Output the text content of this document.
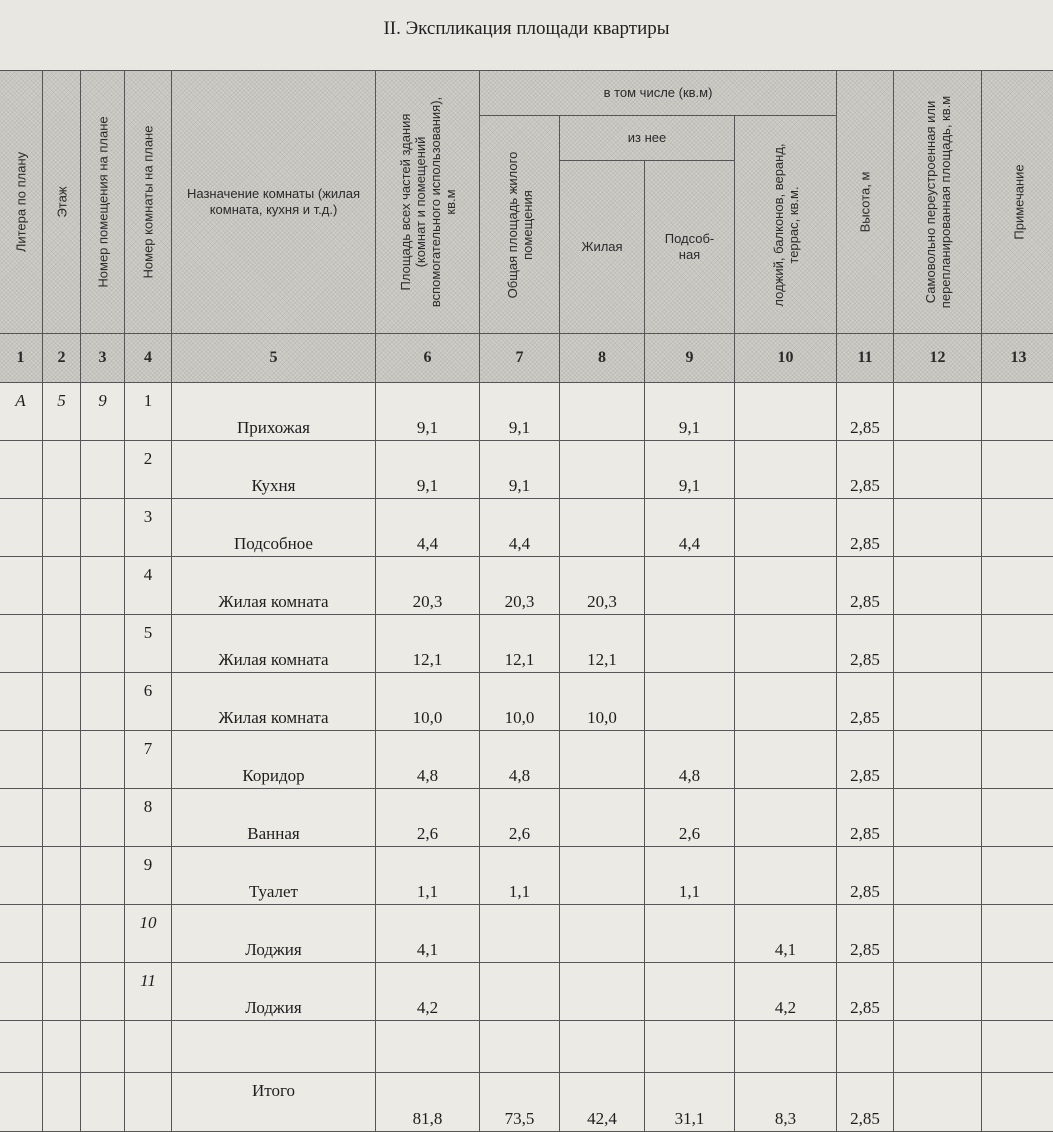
II. Экспликация площади квартиры
Литера по плану	Этаж	Номер помещения на плане	Номер комнаты на плане	Назначение комнаты (жилая комната, кухня и т.д.)	Площадь всех частей здания (комнат и помещений вспомогательного использования), кв.м	в том числе (кв.м)				Высота, м	Самовольно переустроенная или перепланированная площадь, кв.м	Примечание

						Общая площадь жилого помещения	из нее		лоджий, балконов, веранд, террас, кв.м.			

							Жилая	Подсоб-ная				

1	2	3	4	5	6	7	8	9	10	11	12	13
А	5	9	1	Прихожая	9,1	9,1		9,1		2,85		
			2	Кухня	9,1	9,1		9,1		2,85		
			3	Подсобное	4,4	4,4		4,4		2,85		
			4	Жилая комната	20,3	20,3	20,3			2,85		
			5	Жилая комната	12,1	12,1	12,1			2,85		
			6	Жилая комната	10,0	10,0	10,0			2,85		
			7	Коридор	4,8	4,8		4,8		2,85		
			8	Ванная	2,6	2,6		2,6		2,85		
			9	Туалет	1,1	1,1		1,1		2,85		
			10	Лоджия	4,1				4,1	2,85		
			11	Лоджия	4,2				4,2	2,85		

				Итого	81,8	73,5	42,4	31,1	8,3	2,85		
